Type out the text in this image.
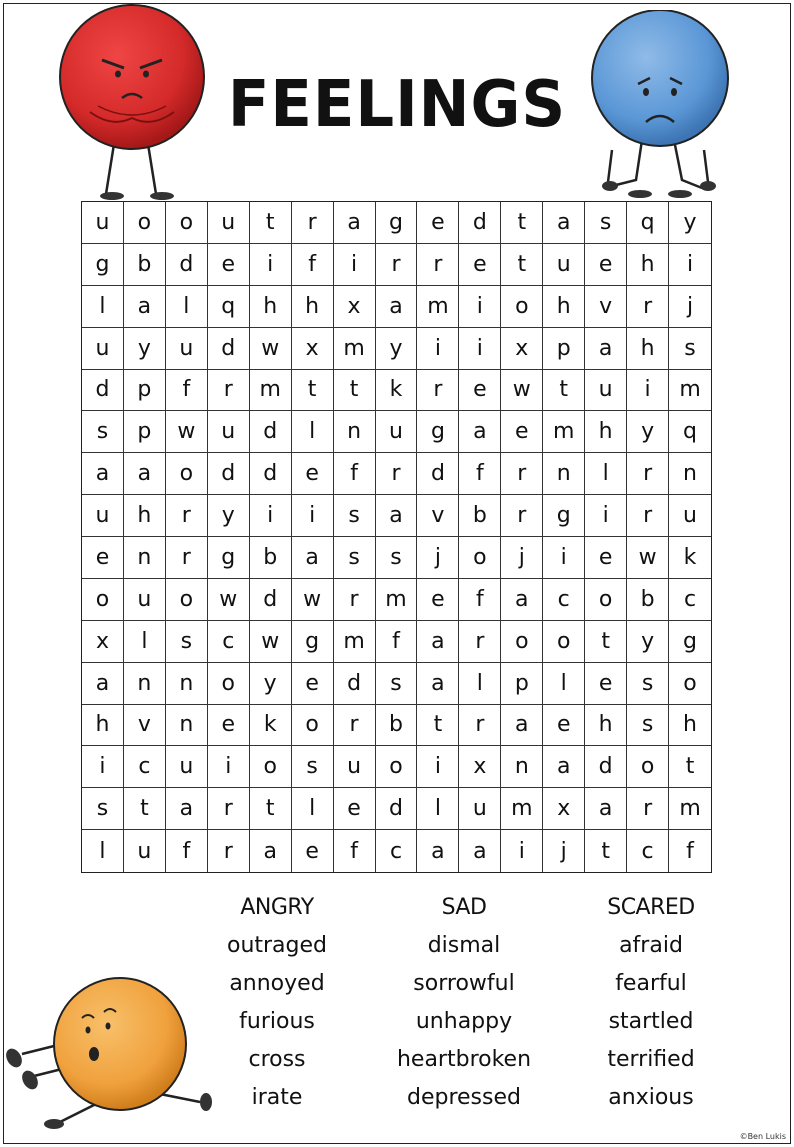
FEELINGS
u	o	o	u	t	r	a	g	e	d	t	a	s	q	y
g	b	d	e	i	f	i	r	r	e	t	u	e	h	i
l	a	l	q	h	h	x	a	m	i	o	h	v	r	j
u	y	u	d	w	x	m	y	i	i	x	p	a	h	s
d	p	f	r	m	t	t	k	r	e	w	t	u	i	m
s	p	w	u	d	l	n	u	g	a	e	m	h	y	q
a	a	o	d	d	e	f	r	d	f	r	n	l	r	n
u	h	r	y	i	i	s	a	v	b	r	g	i	r	u
e	n	r	g	b	a	s	s	j	o	j	i	e	w	k
o	u	o	w	d	w	r	m	e	f	a	c	o	b	c
x	l	s	c	w	g	m	f	a	r	o	o	t	y	g
a	n	n	o	y	e	d	s	a	l	p	l	e	s	o
h	v	n	e	k	o	r	b	t	r	a	e	h	s	h
i	c	u	i	o	s	u	o	i	x	n	a	d	o	t
s	t	a	r	t	l	e	d	l	u	m	x	a	r	m
l	u	f	r	a	e	f	c	a	a	i	j	t	c	f
ANGRY
outraged
annoyed
furious
cross
irate
SAD
dismal
sorrowful
unhappy
heartbroken
depressed
SCARED
afraid
fearful
startled
terrified
anxious
©Ben Lukis
